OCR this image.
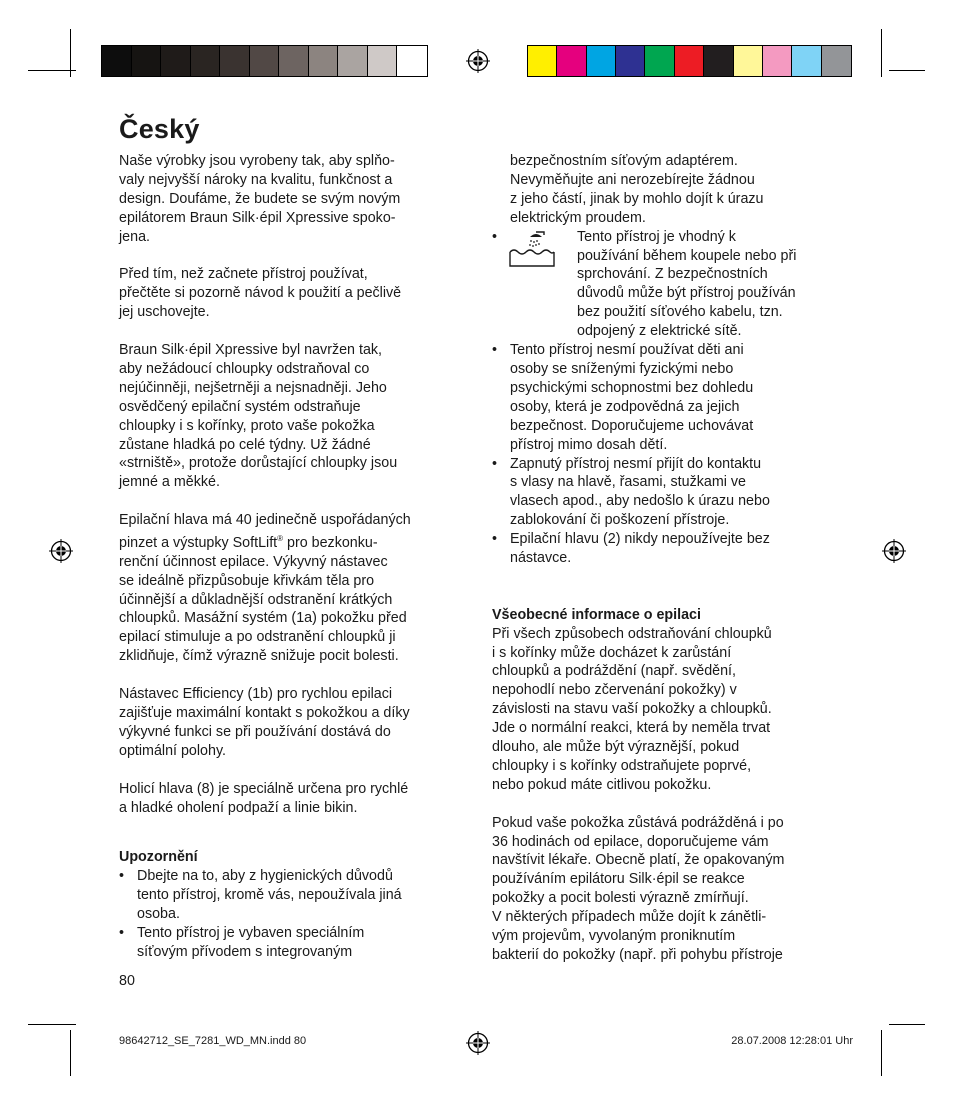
Český

Naše výrobky jsou vyrobeny tak, aby splňo-
valy nejvyšší nároky na kvalitu, funkčnost a
design. Doufáme, že budete se svým novým
epilátorem Braun Silk·épil Xpressive spoko-
jena.

Před tím, než začnete přístroj používat,
přečtěte si pozorně návod k použití a pečlivě
jej uschovejte.

Braun Silk·épil Xpressive byl navržen tak,
aby nežádoucí chloupky odstraňoval co
nejúčinněji, nejšetrněji a nejsnadněji. Jeho
osvědčený epilační systém odstraňuje
chloupky i s kořínky, proto vaše pokožka
zůstane hladká po celé týdny. Už žádné
«strniště», protože dorůstající chloupky jsou
jemné a měkké.

Epilační hlava má 40 jedinečně uspořádaných
pinzet a výstupky SoftLift® pro bezkonku-
renční účinnost epilace. Výkyvný nástavec
se ideálně přizpůsobuje křivkám těla pro
účinnější a důkladnější odstranění krátkých
chloupků. Masážní systém (1a) pokožku před
epilací stimuluje a po odstranění chloupků ji
zklidňuje, čímž výrazně snižuje pocit bolesti.

Nástavec Efficiency (1b) pro rychlou epilaci
zajišťuje maximální kontakt s pokožkou a díky
výkyvné funkci se při používání dostává do
optimální polohy.

Holicí hlava (8) je speciálně určena pro rychlé
a hladké oholení podpaží a linie bikin.

Upozornění

• Dbejte na to, aby z hygienických důvodů
tento přístroj, kromě vás, nepoužívala jiná
osoba.
• Tento přístroj je vybaven speciálním
síťovým přívodem s integrovaným
bezpečnostním síťovým adaptérem.
Nevyměňujte ani nerozebírejte žádnou
z jeho částí, jinak by mohlo dojít k úrazu
elektrickým proudem.
•	Tento přístroj je vhodný k
používání během koupele nebo při
sprchování. Z bezpečnostních
důvodů může být přístroj používán
bez použití síťového kabelu, tzn.
odpojený z elektrické sítě.
• Tento přístroj nesmí používat děti ani
osoby se sníženými fyzickými nebo
psychickými schopnostmi bez dohledu
osoby, která je zodpovědná za jejich
bezpečnost. Doporučujeme uchovávat
přístroj mimo dosah dětí.
• Zapnutý přístroj nesmí přijít do kontaktu
s vlasy na hlavě, řasami, stužkami ve
vlasech apod., aby nedošlo k úrazu nebo
zablokování či poškození přístroje.
• Epilační hlavu (2) nikdy nepoužívejte bez
nástavce.

Všeobecné informace o epilaci

Při všech způsobech odstraňování chloupků
i s kořínky může docházet k zarůstání
chloupků a podráždění (např. svědění,
nepohodlí nebo zčervenání pokožky) v
závislosti na stavu vaší pokožky a chloupků.
Jde o normální reakci, která by neměla trvat
dlouho, ale může být výraznější, pokud
chloupky i s kořínky odstraňujete poprvé,
nebo pokud máte citlivou pokožku.

Pokud vaše pokožka zůstává podrážděná i po
36 hodinách od epilace, doporučujeme vám
navštívit lékaře. Obecně platí, že opakovaným
používáním epilátoru Silk·épil se reakce
pokožky a pocit bolesti výrazně zmírňují.
V některých případech může dojít k zánětli-
vým projevům, vyvolaným proniknutím
bakterií do pokožky (např. při pohybu přístroje

80
98642712_SE_7281_WD_MN.indd 80	28.07.2008 12:28:01 Uhr
